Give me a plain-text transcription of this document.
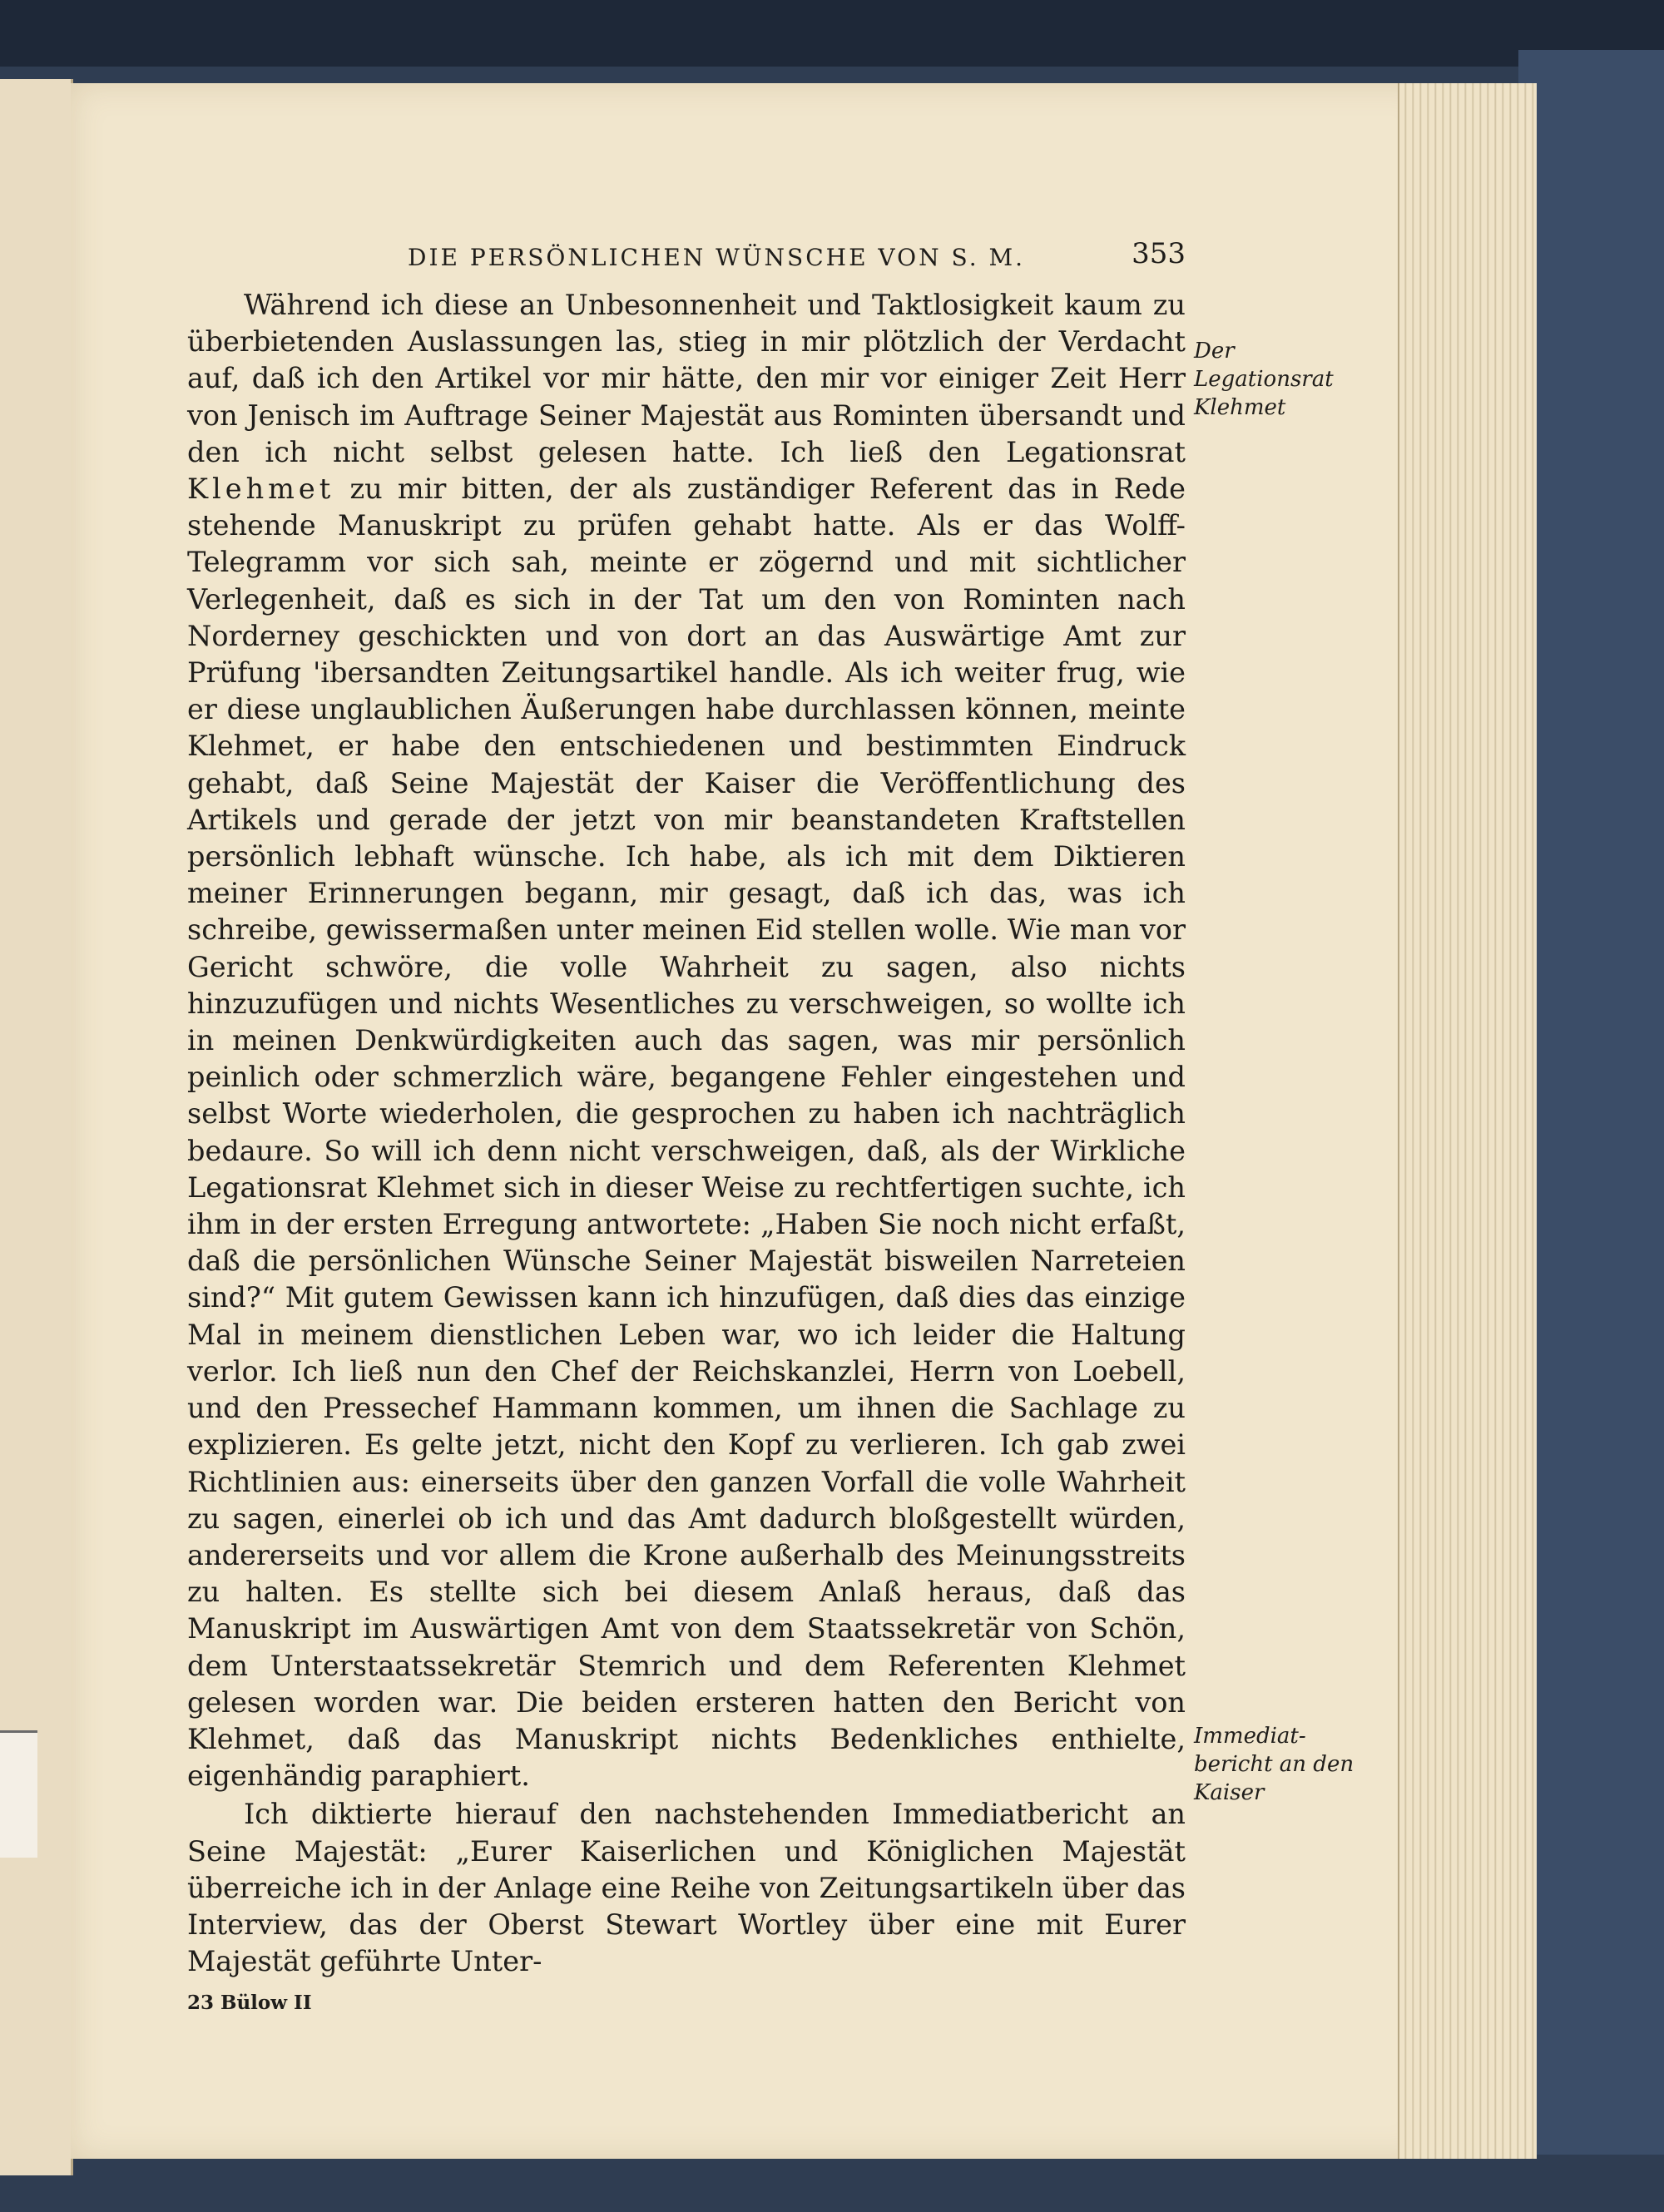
DIE PERSÖNLICHEN WÜNSCHE VON S. M.	353

Während ich diese an Unbesonnenheit und Taktlosigkeit kaum zu überbietenden Auslassungen las, stieg in mir plötzlich der Verdacht auf, daß ich den Artikel vor mir hätte, den mir vor einiger Zeit Herr von Jenisch im Auftrage Seiner Majestät aus Rominten übersandt und den ich nicht selbst gelesen hatte. Ich ließ den Legationsrat Klehmet zu mir bitten, der als zuständiger Referent das in Rede stehende Manuskript zu prüfen gehabt hatte. Als er das Wolff-Telegramm vor sich sah, meinte er zögernd und mit sichtlicher Verlegenheit, daß es sich in der Tat um den von Rominten nach Norderney geschickten und von dort an das Auswärtige Amt zur Prüfung 'ibersandten Zeitungsartikel handle. Als ich weiter frug, wie er diese unglaublichen Äußerungen habe durchlassen können, meinte Klehmet, er habe den entschiedenen und bestimmten Eindruck gehabt, daß Seine Majestät der Kaiser die Veröffentlichung des Artikels und gerade der jetzt von mir beanstandeten Kraftstellen persönlich lebhaft wünsche. Ich habe, als ich mit dem Diktieren meiner Erinnerungen begann, mir gesagt, daß ich das, was ich schreibe, gewissermaßen unter meinen Eid stellen wolle. Wie man vor Gericht schwöre, die volle Wahrheit zu sagen, also nichts hinzuzufügen und nichts Wesentliches zu verschweigen, so wollte ich in meinen Denkwürdigkeiten auch das sagen, was mir persönlich peinlich oder schmerzlich wäre, begangene Fehler eingestehen und selbst Worte wiederholen, die gesprochen zu haben ich nachträglich bedaure. So will ich denn nicht verschweigen, daß, als der Wirkliche Legationsrat Klehmet sich in dieser Weise zu rechtfertigen suchte, ich ihm in der ersten Erregung antwortete: „Haben Sie noch nicht erfaßt, daß die persönlichen Wünsche Seiner Majestät bisweilen Narreteien sind?“ Mit gutem Gewissen kann ich hinzufügen, daß dies das einzige Mal in meinem dienstlichen Leben war, wo ich leider die Haltung verlor. Ich ließ nun den Chef der Reichskanzlei, Herrn von Loebell, und den Pressechef Hammann kommen, um ihnen die Sachlage zu explizieren. Es gelte jetzt, nicht den Kopf zu verlieren. Ich gab zwei Richtlinien aus: einerseits über den ganzen Vorfall die volle Wahrheit zu sagen, einerlei ob ich und das Amt dadurch bloßgestellt würden, andererseits und vor allem die Krone außerhalb des Meinungsstreits zu halten. Es stellte sich bei diesem Anlaß heraus, daß das Manuskript im Auswärtigen Amt von dem Staatssekretär von Schön, dem Unterstaatssekretär Stemrich und dem Referenten Klehmet gelesen worden war. Die beiden ersteren hatten den Bericht von Klehmet, daß das Manuskript nichts Bedenkliches enthielte, eigenhändig paraphiert.

Ich diktierte hierauf den nachstehenden Immediatbericht an Seine Majestät: „Eurer Kaiserlichen und Königlichen Majestät überreiche ich in der Anlage eine Reihe von Zeitungsartikeln über das Interview, das der Oberst Stewart Wortley über eine mit Eurer Majestät geführte Unter-

23 Bülow II
Der
Legationsrat
Klehmet
Immediat-
bericht an den
Kaiser
